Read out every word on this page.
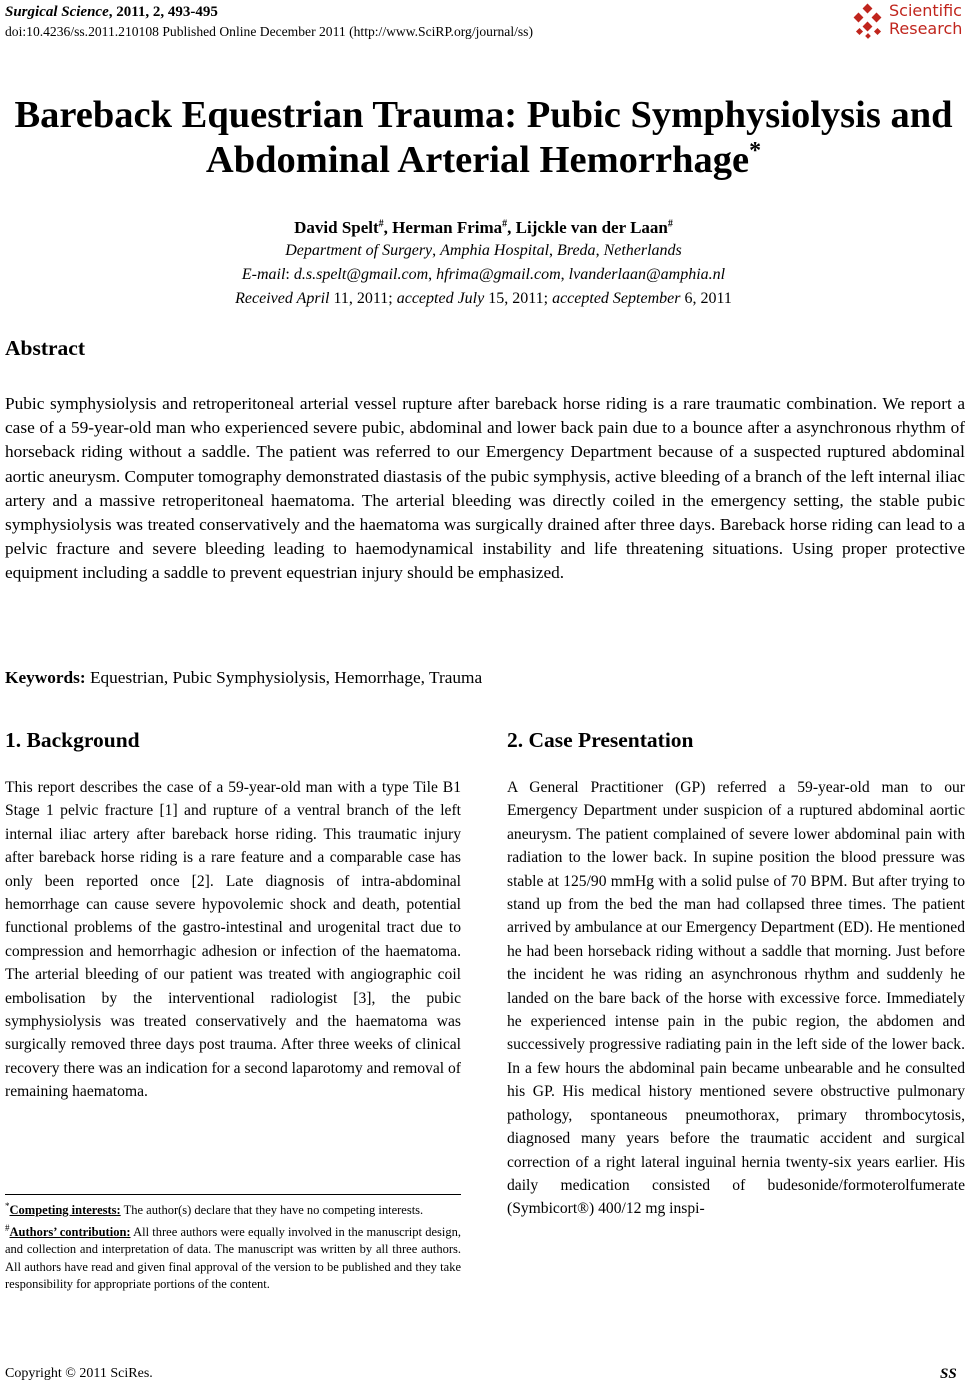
Surgical Science, 2011, 2, 493-495
doi:10.4236/ss.2011.210108 Published Online December 2011 (http://www.SciRP.org/journal/ss)
Scientific
Research
Bareback Equestrian Trauma: Pubic Symphysiolysis and
Abdominal Arterial Hemorrhage*
David Spelt#, Herman Frima#, Lijckle van der Laan#
Department of Surgery, Amphia Hospital, Breda, Netherlands
E-mail: d.s.spelt@gmail.com, hfrima@gmail.com, lvanderlaan@amphia.nl
Received April 11, 2011; accepted July 15, 2011; accepted September 6, 2011
Abstract
Pubic symphysiolysis and retroperitoneal arterial vessel rupture after bareback horse riding is a rare traumatic combination. We report a case of a 59-year-old man who experienced severe pubic, abdominal and lower back pain due to a bounce after a asynchronous rhythm of horseback riding without a saddle. The patient was referred to our Emergency Department because of a suspected ruptured abdominal aortic aneurysm. Computer tomography demonstrated diastasis of the pubic symphysis, active bleeding of a branch of the left internal iliac artery and a massive retroperitoneal haematoma. The arterial bleeding was directly coiled in the emergency setting, the stable pubic symphysiolysis was treated conservatively and the haematoma was surgically drained after three days. Bareback horse riding can lead to a pelvic fracture and severe bleeding leading to haemodynamical instability and life threatening situations. Using proper protective equipment including a saddle to prevent equestrian injury should be emphasized.
Keywords: Equestrian, Pubic Symphysiolysis, Hemorrhage, Trauma
1. Background
This report describes the case of a 59-year-old man with a type Tile B1 Stage 1 pelvic fracture [1] and rupture of a ventral branch of the left internal iliac artery after bareback horse riding. This traumatic injury after bareback horse riding is a rare feature and a comparable case has only been reported once [2]. Late diagnosis of intra-abdominal hemorrhage can cause severe hypovolemic shock and death, potential functional problems of the gastro-intestinal and urogenital tract due to compression and hemorrhagic adhesion or infection of the haematoma. The arterial bleeding of our patient was treated with angiographic coil embolisation by the interventional radiologist [3], the pubic symphysiolysis was treated conservatively and the haematoma was surgically removed three days post trauma. After three weeks of clinical recovery there was an indication for a second laparotomy and removal of remaining haematoma.
2. Case Presentation
A General Practitioner (GP) referred a 59-year-old man to our Emergency Department under suspicion of a ruptured abdominal aortic aneurysm. The patient complained of severe lower abdominal pain with radiation to the lower back. In supine position the blood pressure was stable at 125/90 mmHg with a solid pulse of 70 BPM. But after trying to stand up from the bed the man had collapsed three times. The patient arrived by ambulance at our Emergency Department (ED). He mentioned he had been horseback riding without a saddle that morning. Just before the incident he was riding an asynchronous rhythm and suddenly he landed on the bare back of the horse with excessive force. Immediately he experienced intense pain in the pubic region, the abdomen and successively progressive radiating pain in the left side of the lower back. In a few hours the abdominal pain became unbearable and he consulted his GP. His medical history mentioned severe obstructive pulmonary pathology, spontaneous pneumothorax, primary thrombocytosis, diagnosed many years before the traumatic accident and surgical correction of a right lateral inguinal hernia twenty-six years earlier. His daily medication consisted of budesonide/formoterolfumerate (Symbicort®) 400/12 mg inspi-
*Competing interests: The author(s) declare that they have no competing interests.
#Authors’ contribution: All three authors were equally involved in the manuscript design, and collection and interpretation of data. The manuscript was written by all three authors. All authors have read and given final approval of the version to be published and they take responsibility for appropriate portions of the content.
Copyright © 2011 SciRes.	SS
